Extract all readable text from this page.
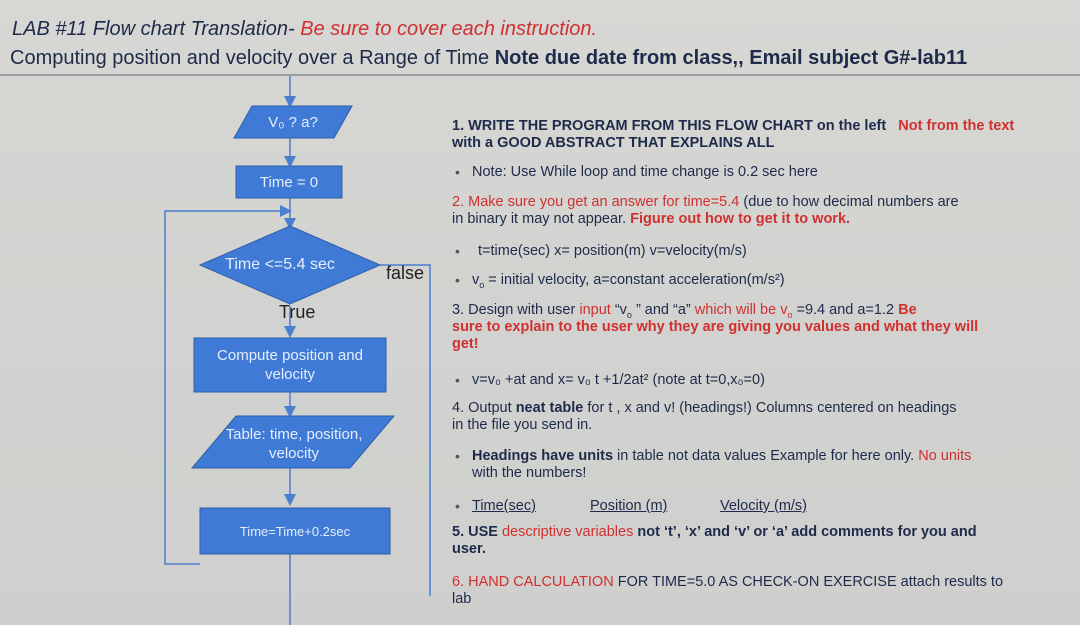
LAB #11 Flow chart Translation- Be sure to cover each instruction.
Computing position and velocity over a Range of Time Note due date from class,, Email subject G#-lab11
V₀ ? a?
Time = 0
Time <=5.4 sec	false
True
Compute position and velocity
Table: time, position, velocity
Time=Time+0.2sec
1. WRITE THE PROGRAM FROM THIS FLOW CHART on the left Not from the text
with a GOOD ABSTRACT THAT EXPLAINS ALL
• Note: Use While loop and time change is 0.2 sec here
2. Make sure you get an answer for time=5.4 (due to how decimal numbers are
in binary it may not appear. Figure out how to get it to work.
• t=time(sec) x= position(m) v=velocity(m/s)
• $v_o$ = initial velocity, a=constant acceleration(m/s²)
3. Design with user input “$v_o$ ” and “a” which will be $v_o =9.4$ and a=1.2 Be
sure to explain to the user why they are giving you values and what they will
get!
• v=v₀ +at and x= v₀ t +1/2at² (note at t=0,x₀=0)
4. Output neat table for t , x and v! (headings!) Columns centered on headings
in the file you send in.
• Headings have units in table not data values Example for here only. No units
with the numbers!
• Time(sec)	Position (m)	Velocity (m/s)
5. USE descriptive variables not ‘t’, ‘x’ and ‘v’ or ‘a’ add comments for you and
user.
6. HAND CALCULATION FOR TIME=5.0 AS CHECK-ON EXERCISE attach results to
lab
